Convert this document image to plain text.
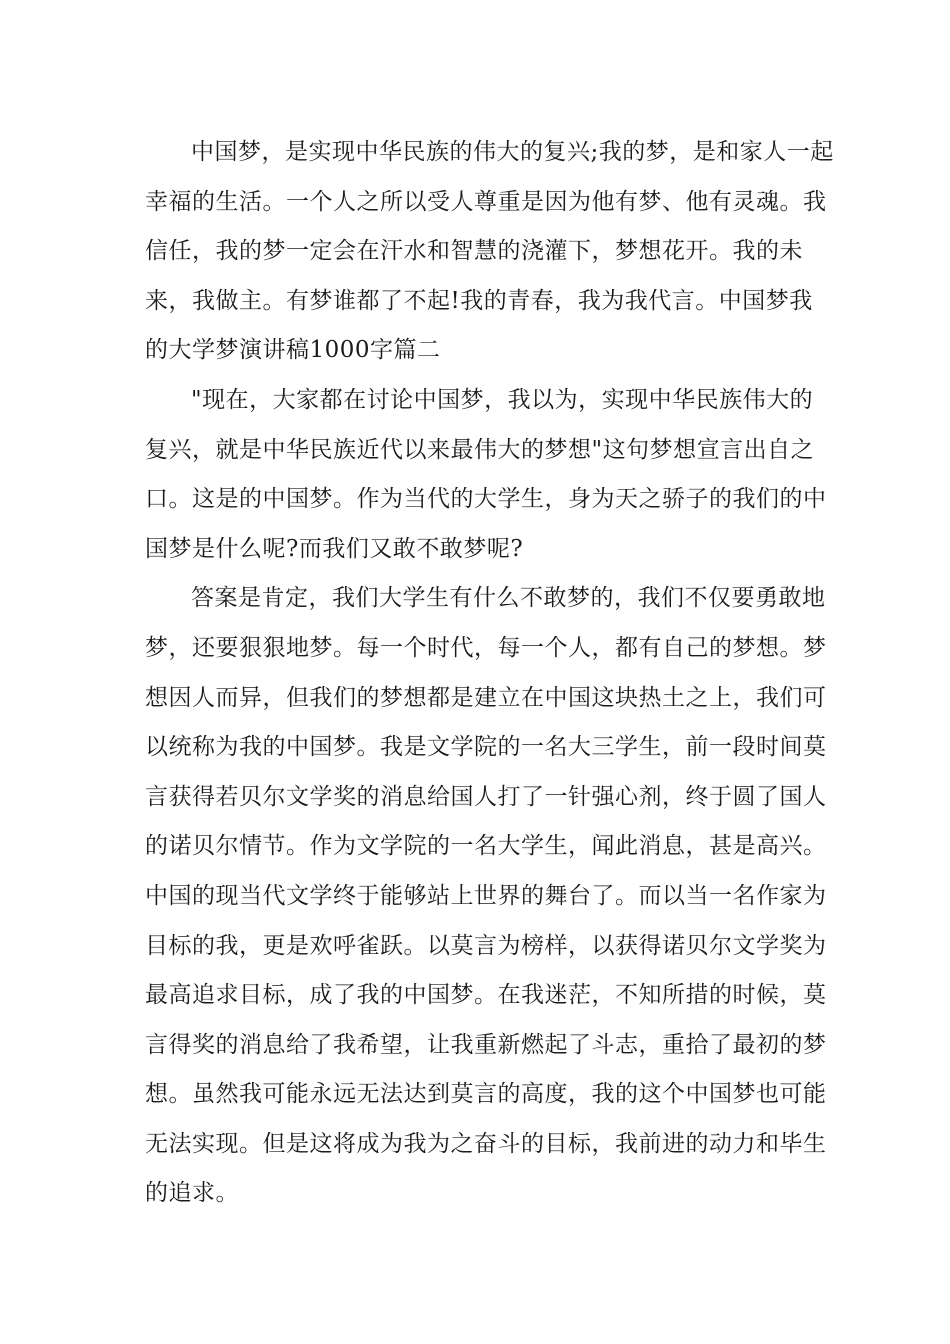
中国梦，是实现中华民族的伟大的复兴;我的梦，是和家人一起幸福的生活。一个人之所以受人尊重是因为他有梦、他有灵魂。我信任，我的梦一定会在汗水和智慧的浇灌下，梦想花开。我的未来，我做主。有梦谁都了不起!我的青春，我为我代言。中国梦我的大学梦演讲稿1000字篇二

"现在，大家都在讨论中国梦，我以为，实现中华民族伟大的复兴，就是中华民族近代以来最伟大的梦想"这句梦想宣言出自之口。这是的中国梦。作为当代的大学生，身为天之骄子的我们的中国梦是什么呢?而我们又敢不敢梦呢?

答案是肯定，我们大学生有什么不敢梦的，我们不仅要勇敢地梦，还要狠狠地梦。每一个时代，每一个人，都有自己的梦想。梦想因人而异，但我们的梦想都是建立在中国这块热土之上，我们可以统称为我的中国梦。我是文学院的一名大三学生，前一段时间莫言获得若贝尔文学奖的消息给国人打了一针强心剂，终于圆了国人的诺贝尔情节。作为文学院的一名大学生，闻此消息，甚是高兴。中国的现当代文学终于能够站上世界的舞台了。而以当一名作家为目标的我，更是欢呼雀跃。以莫言为榜样，以获得诺贝尔文学奖为最高追求目标，成了我的中国梦。在我迷茫，不知所措的时候，莫言得奖的消息给了我希望，让我重新燃起了斗志，重拾了最初的梦想。虽然我可能永远无法达到莫言的高度，我的这个中国梦也可能无法实现。但是这将成为我为之奋斗的目标，我前进的动力和毕生的追求。
